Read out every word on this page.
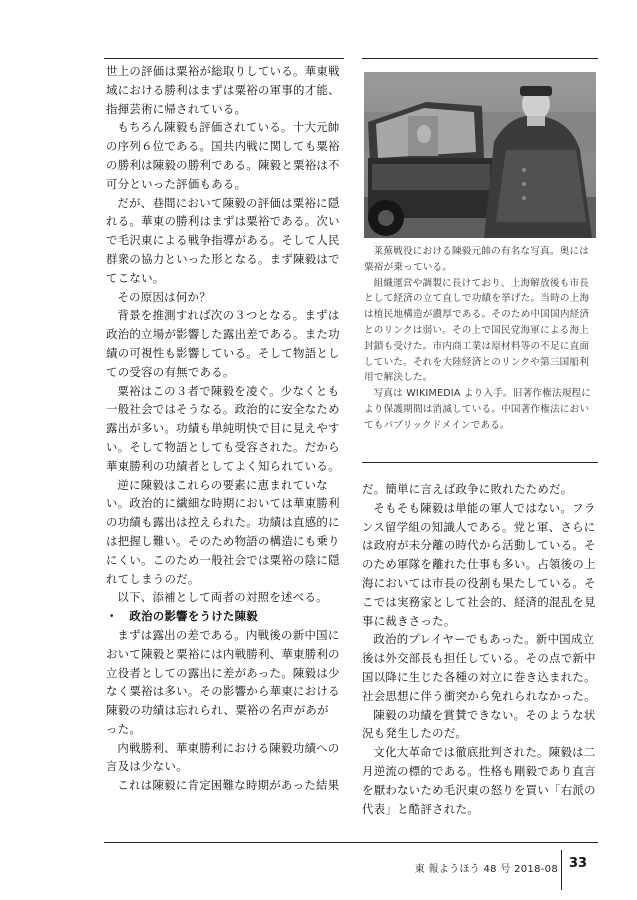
世上の評価は粟裕が総取りしている。華東戦域における勝利はまずは粟裕の軍事的才能、指揮芸術に帰されている。

もちろん陳毅も評価されている。十大元帥の序列６位である。国共内戦に関しても粟裕の勝利は陳毅の勝利である。陳毅と粟裕は不可分といった評価もある。

だが、巷間において陳毅の評価は粟裕に隠れる。華東の勝利はまずは粟裕である。次いで毛沢東による戦争指導がある。そして人民群衆の協力といった形となる。まず陳毅はでてこない。

その原因は何か？

背景を推測すれば次の３つとなる。まずは政治的立場が影響した露出差である。また功績の可視性も影響している。そして物語としての受容の有無である。

粟裕はこの３者で陳毅を凌ぐ。少なくとも一般社会ではそうなる。政治的に安全なため露出が多い。功績も単純明快で目に見えやすい。そして物語としても受容された。だから華東勝利の功績者としてよく知られている。

逆に陳毅はこれらの要素に恵まれていない。政治的に繊細な時期においては華東勝利の功績も露出は控えられた。功績は直感的には把握し難い。そのため物語の構造にも乗りにくい。このため一般社会では粟裕の陰に隠れてしまうのだ。

以下、添補として両者の対照を述べる。

・　政治の影響をうけた陳毅

まずは露出の差である。内戦後の新中国において陳毅と粟裕には内戦勝利、華東勝利の立役者としての露出に差があった。陳毅は少なく粟裕は多い。その影響から華東における陳毅の功績は忘れられ、粟裕の名声があがった。

内戦勝利、華東勝利における陳毅功績への言及は少ない。

これは陳毅に肯定困難な時期があった結果

莱蕪戦役における陳毅元帥の有名な写真。奥には粟裕が乗っている。

組織運営や調製に長けており、上海解放後も市長として経済の立て直しで功績を挙げた。当時の上海は植民地構造が濃厚である。そのため中国国内経済とのリンクは弱い。その上で国民党海軍による海上封鎖も受けた。市内商工業は原材料等の不足に直面していた。それを大陸経済とのリンクや第三国船利用で解決した。

写真は WIKIMEDIA より入手。旧著作権法規程により保護期間は消滅している。中国著作権法においてもパブリックドメインである。

だ。簡単に言えば政争に敗れたためだ。

そもそも陳毅は単能の軍人ではない。フランス留学組の知識人である。党と軍、さらには政府が未分離の時代から活動している。そのため軍隊を離れた仕事も多い。占領後の上海においては市長の役割も果たしている。そこでは実務家として社会的、経済的混乱を見事に裁きさった。

政治的プレイヤーでもあった。新中国成立後は外交部長も担任している。その点で新中国以降に生じた各種の対立に巻き込まれた。社会思想に伴う衝突から免れられなかった。

陳毅の功績を賞賛できない。そのような状況も発生したのだ。

文化大革命では徹底批判された。陳毅は二月逆流の標的である。性格も剛毅であり直言を厭わないため毛沢東の怒りを買い「右派の代表」と酷評された。

東 報ようほう 48 号 2018-08 33
